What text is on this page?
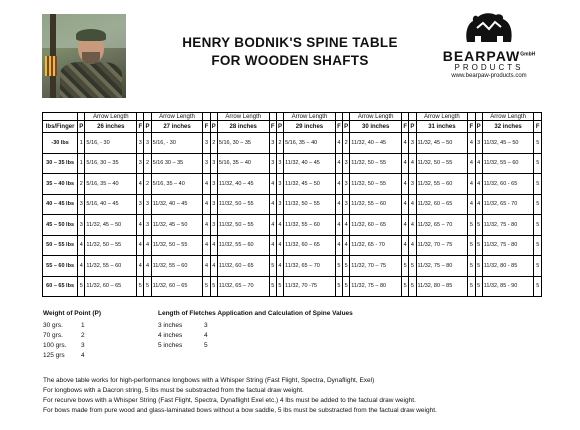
HENRY BODNIK'S SPINE TABLE
FOR WOODEN SHAFTS	$BEARPAW^{GmbH}$
PRODUCTS
www.bearpaw-products.com
		Arrow Length			Arrow Length			Arrow Length			Arrow Length			Arrow Length			Arrow Length			Arrow Length	
lbs/Finger	P	26 inches	F	P	27 inches	F	P	28 inches	F	P	29 inches	F	P	30 inches	F	P	31 inches	F	P	32 inches	F
-30 lbs	1	5/16, - 30	3	3	5/16, - 30	3	2	5/16, 30 – 35	3	2	5/16, 35 – 40	4	2	11/32, 40 – 45	4	3	11/32, 45 – 50	4	3	11/32, 45 – 50	5
30 – 35 lbs	1	5/16, 30 – 35	3	2	5/16 30 – 35	3	3	5/16, 35 – 40	3	3	11/32, 40 – 45	4	3	11/32, 50 – 55	4	4	11/32, 50 – 55	4	4	11/32, 55 – 60	5
35 – 40 lbs	2	5/16, 35 – 40	4	2	5/16, 35 – 40	4	3	11/32, 40 – 45	4	3	11/32, 45 – 50	4	3	11/32, 50 – 55	4	3	11/32, 55 – 60	4	4	11/32, 60 - 65	5
40 – 45 lbs	3	5/16, 40 – 45	3	3	11/32, 40 – 45	4	3	11/32, 50 – 55	4	3	11/32, 50 – 55	4	3	11/32, 55 – 60	4	4	11/32, 60 – 65	4	4	11/32, 65 - 70	5
45 – 50 lbs	3	11/32, 45 – 50	4	3	11/32, 45 – 50	4	3	11/32, 50 – 55	4	4	11/32, 55 – 60	4	4	11/32, 60 – 65	4	4	11/32, 65 – 70	5	5	11/32, 75 - 80	5
50 – 55 lbs	4	11/32, 50 – 55	4	4	11/32, 50 – 55	4	4	11/32, 55 – 60	4	4	11/32, 60 – 65	4	4	11/32, 65 - 70	4	4	11/32, 70 – 75	5	5	11/32, 75 - 80	5
55 – 60 lbs	4	11/32, 55 – 60	4	4	11/32, 55 – 60	4	4	11/32, 60 – 65	5	4	11/32, 65 – 70	5	5	11/32, 70 – 75	5	5	11/32, 75 – 80	5	5	11/32, 80 - 85	5
60 – 65 lbs	5	11/32, 60 – 65	5	5	11/32, 60 – 65	5	5	11/32, 65 – 70	5	5	11/32, 70 -75	5	5	11/32, 75 – 80	5	5	11/32, 80 – 85	5	5	11/32, 85 - 90	5
Weight of Point (P)
30 grs.	1
70 grs.	2
100 grs. 3
125 grs	4
Length of Fletches Application and Calculation of Spine Values
3 inches	3
4 inches	4
5 inches	5
The above table works for high-performance longbows with a Whisper String (Fast Flight, Spectra, Dynaflight, Exel)
For longbows with a Dacron string, 5 lbs must be substracted from the factual draw weight.
For recurve bows with a Whisper String (Fast Flight, Spectra, Dynaflight Exel etc.) 4 lbs must be added to the factual draw weight.
For bows made from pure wood and glass-laminated bows without a bow saddle, 5 lbs must be substracted from the factual draw weight.
